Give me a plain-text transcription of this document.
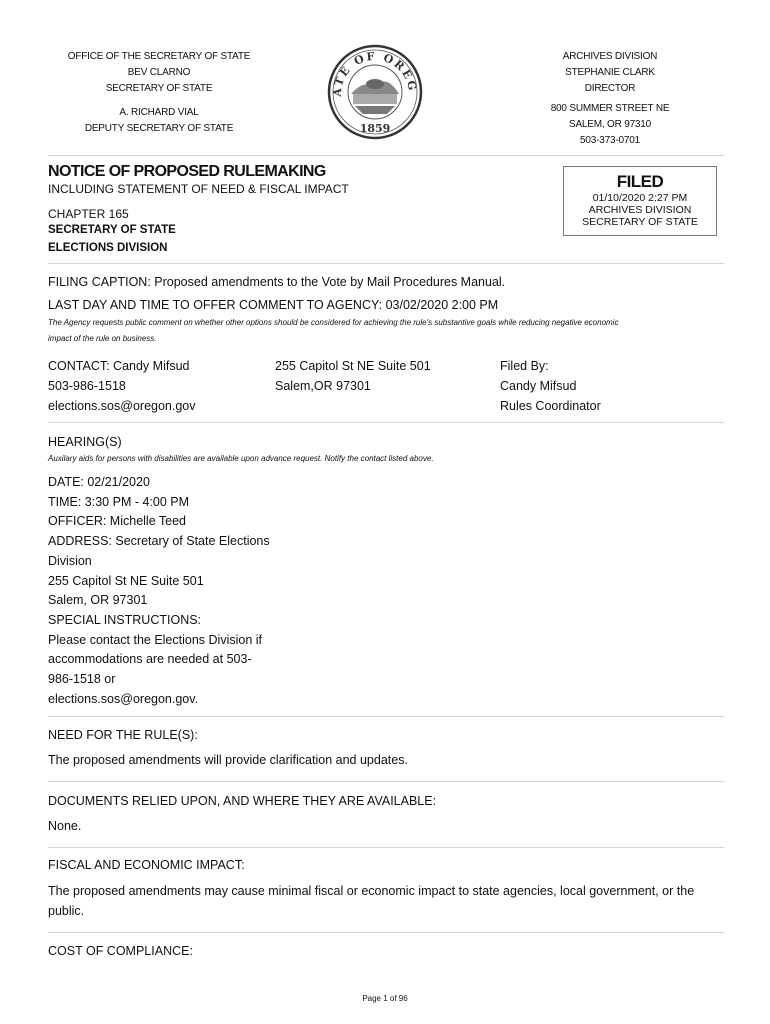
OFFICE OF THE SECRETARY OF STATE
BEV CLARNO
SECRETARY OF STATE
A. RICHARD VIAL
DEPUTY SECRETARY OF STATE
ATE OF OREG
1859
ARCHIVES DIVISION
STEPHANIE CLARK
DIRECTOR
800 SUMMER STREET NE
SALEM, OR 97310
503-373-0701
NOTICE OF PROPOSED RULEMAKING
INCLUDING STATEMENT OF NEED & FISCAL IMPACT
CHAPTER 165
SECRETARY OF STATE
ELECTIONS DIVISION
FILED
01/10/2020 2:27 PM
ARCHIVES DIVISION
SECRETARY OF STATE
FILING CAPTION: Proposed amendments to the Vote by Mail Procedures Manual.
LAST DAY AND TIME TO OFFER COMMENT TO AGENCY: 03/02/2020 2:00 PM
The Agency requests public comment on whether other options should be considered for achieving the rule's substantive goals while reducing negative economic
impact of the rule on business.
CONTACT: Candy Mifsud
503-986-1518
elections.sos@oregon.gov
255 Capitol St NE Suite 501
Salem,OR 97301
Filed By:
Candy Mifsud
Rules Coordinator
HEARING(S)
Auxilary aids for persons with disabilities are available upon advance request. Notify the contact listed above.
DATE: 02/21/2020
TIME: 3:30 PM - 4:00 PM
OFFICER: Michelle Teed
ADDRESS: Secretary of State Elections
Division
255 Capitol St NE Suite 501
Salem, OR 97301
SPECIAL INSTRUCTIONS:
Please contact the Elections Division if
accommodations are needed at 503-
986-1518 or
elections.sos@oregon.gov.
NEED FOR THE RULE(S):
The proposed amendments will provide clarification and updates.
DOCUMENTS RELIED UPON, AND WHERE THEY ARE AVAILABLE:
None.
FISCAL AND ECONOMIC IMPACT:
The proposed amendments may cause minimal fiscal or economic impact to state agencies, local government, or the
public.
COST OF COMPLIANCE:
Page 1 of 96
